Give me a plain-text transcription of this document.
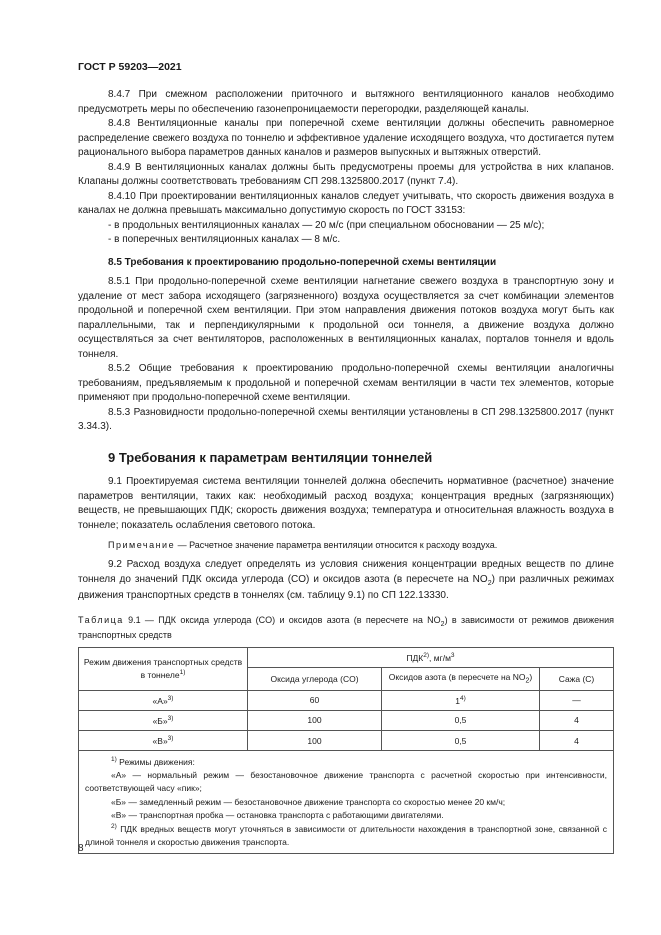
ГОСТ Р 59203—2021

8.4.7 При смежном расположении приточного и вытяжного вентиляционного каналов необходимо предусмотреть меры по обеспечению газонепроницаемости перегородки, разделяющей каналы.

8.4.8 Вентиляционные каналы при поперечной схеме вентиляции должны обеспечить равномерное распределение свежего воздуха по тоннелю и эффективное удаление исходящего воздуха, что достигается путем рационального выбора параметров данных каналов и размеров выпускных и вытяжных отверстий.

8.4.9 В вентиляционных каналах должны быть предусмотрены проемы для устройства в них клапанов. Клапаны должны соответствовать требованиям СП 298.1325800.2017 (пункт 7.4).

8.4.10 При проектировании вентиляционных каналов следует учитывать, что скорость движения воздуха в каналах не должна превышать максимально допустимую скорость по ГОСТ 33153:

- в продольных вентиляционных каналах — 20 м/с (при специальном обосновании — 25 м/с);

- в поперечных вентиляционных каналах — 8 м/с.

8.5 Требования к проектированию продольно-поперечной схемы вентиляции

8.5.1 При продольно-поперечной схеме вентиляции нагнетание свежего воздуха в транспортную зону и удаление от мест забора исходящего (загрязненного) воздуха осуществляется за счет комбинации элементов продольной и поперечной схем вентиляции. При этом направления движения потоков воздуха могут быть как параллельными, так и перпендикулярными к продольной оси тоннеля, а движение воздуха должно осуществляться за счет вентиляторов, расположенных в вентиляционных каналах, порталов тоннеля и вдоль тоннеля.

8.5.2 Общие требования к проектированию продольно-поперечной схемы вентиляции аналогичны требованиям, предъявляемым к продольной и поперечной схемам вентиляции в части тех элементов, которые применяют при продольно-поперечной схеме вентиляции.

8.5.3 Разновидности продольно-поперечной схемы вентиляции установлены в СП 298.1325800.2017 (пункт 3.34.3).

9 Требования к параметрам вентиляции тоннелей

9.1 Проектируемая система вентиляции тоннелей должна обеспечить нормативное (расчетное) значение параметров вентиляции, таких как: необходимый расход воздуха; концентрация вредных (загрязняющих) веществ, не превышающих ПДК; скорость движения воздуха; температура и относительная влажность воздуха в тоннеле; показатель ослабления светового потока.

Примечание — Расчетное значение параметра вентиляции относится к расходу воздуха.

9.2 Расход воздуха следует определять из условия снижения концентрации вредных веществ по длине тоннеля до значений ПДК оксида углерода (CO) и оксидов азота (в пересчете на $NO_2$) при различных режимах движения транспортных средств в тоннелях (см. таблицу 9.1) по СП 122.13330.

Таблица 9.1 — ПДК оксида углерода (CO) и оксидов азота (в пересчете на $NO_2$) в зависимости от режимов движения транспортных средств

Режим движения транспортных средств в тоннеле$^{1)}$	ПДК$^{2)}$, $мг/м^3$
	Оксида углерода (CO)	Оксидов азота (в пересчете на $NO_2$)	Сажа (С)
«А»$^{3)}$	60	1$^{4)}$	—
«Б»$^{3)}$	100	0,5	4
«В»$^{3)}$	100	0,5	4

$^{1)}$ Режимы движения:

«А» — нормальный режим — безостановочное движение транспорта с расчетной скоростью при интенсивности, соответствующей часу «пик»;

«Б» — замедленный режим — безостановочное движение транспорта со скоростью менее 20 км/ч;

«В» — транспортная пробка — остановка транспорта с работающими двигателями.

$^{2)}$ ПДК вредных веществ могут уточняться в зависимости от длительности нахождения в транспортной зоне, связанной с длиной тоннеля и скоростью движения транспорта.			

8
